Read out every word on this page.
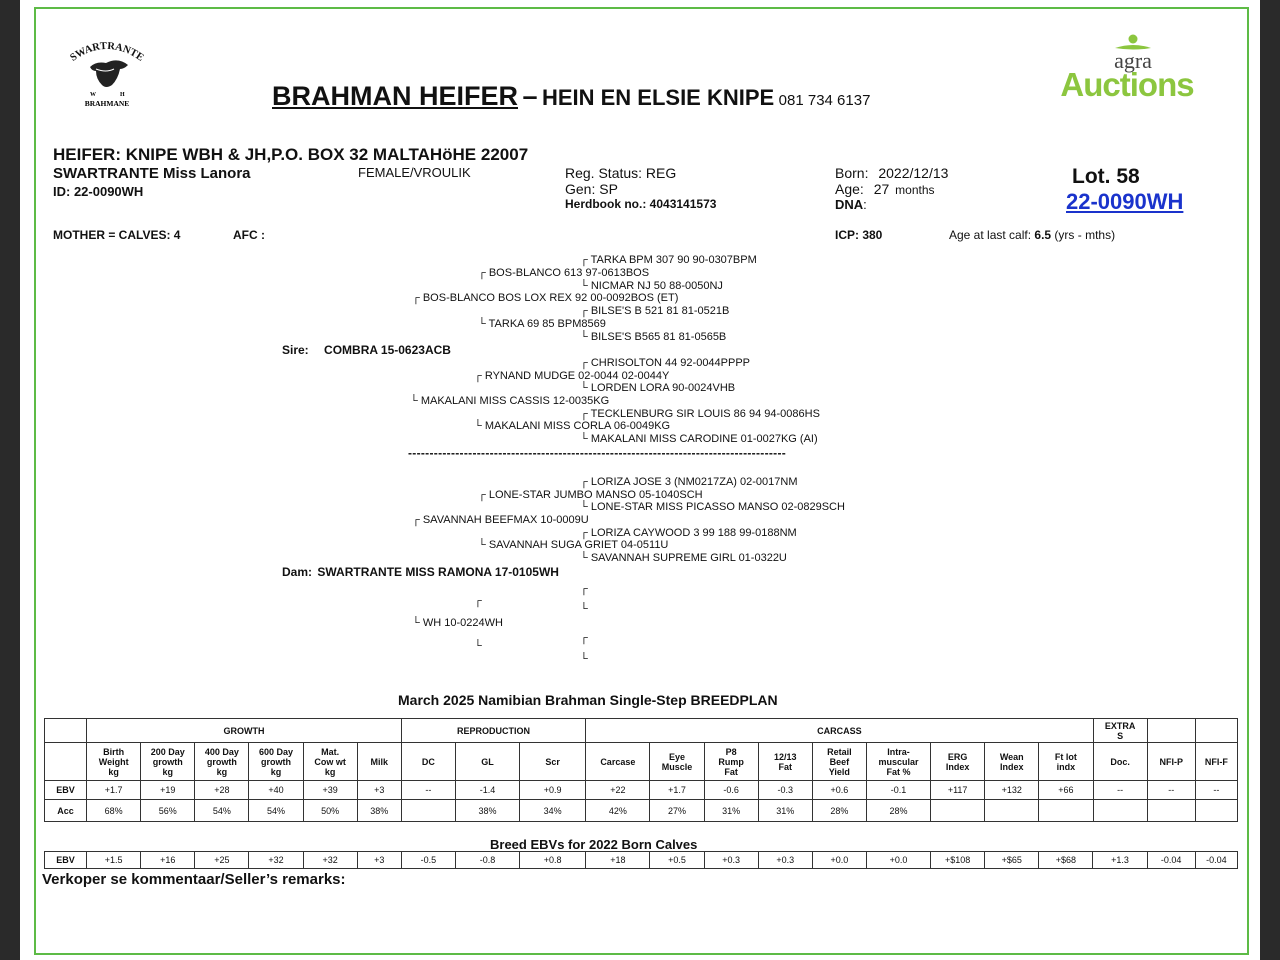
SWARTRANTE
W	H
BRAHMANE	BRAHMAN HEIFER – HEIN EN ELSIE KNIPE 081 734 6137
agra
Auctions
HEIFER: KNIPE WBH & JH,P.O. BOX 32 MALTAHöHE 22007
SWARTRANTE Miss Lanora
ID: 22-0090WH
FEMALE/VROULIK	Reg. Status: REG
Gen: SP
Herdbook no.: 4043141573
Born: 2022/12/13
Age: 27 months
DNA:
Lot. 58
22-0090WH
MOTHER = CALVES: 4	AFC :	ICP: 380	Age at last calf: 6.5 (yrs - mths)
┌ TARKA BPM 307 90 90-0307BPM
┌ BOS-BLANCO 613 97-0613BOS
└ NICMAR NJ 50 88-0050NJ
┌ BOS-BLANCO BOS LOX REX 92 00-0092BOS (ET)
┌ BILSE'S B 521 81 81-0521B
└ TARKA 69 85 BPM8569
└ BILSE'S B565 81 81-0565B
Sire: COMBRA 15-0623ACB
┌ CHRISOLTON 44 92-0044PPPP
┌ RYNAND MUDGE 02-0044 02-0044Y
└ LORDEN LORA 90-0024VHB
└ MAKALANI MISS CASSIS 12-0035KG
┌ TECKLENBURG SIR LOUIS 86 94 94-0086HS
└ MAKALANI MISS CORLA 06-0049KG
└ MAKALANI MISS CARODINE 01-0027KG (AI)
----------------------------------------------------------------------------------------
┌ LORIZA JOSE 3 (NM0217ZA) 02-0017NM
┌ LONE-STAR JUMBO MANSO 05-1040SCH
└ LONE-STAR MISS PICASSO MANSO 02-0829SCH
┌ SAVANNAH BEEFMAX 10-0009U
┌ LORIZA CAYWOOD 3 99 188 99-0188NM
└ SAVANNAH SUGA GRIET 04-0511U
└ SAVANNAH SUPREME GIRL 01-0322U
Dam: SWARTRANTE MISS RAMONA 17-0105WH
┌
┌
└
└ WH 10-0224WH
┌
└
└
March 2025 Namibian Brahman Single-Step BREEDPLAN
	GROWTH						REPRODUCTION			CARCASS									EXTRA
S		
	Birth
Weight
kg	200 Day
growth
kg	400 Day
growth
kg	600 Day
growth
kg	Mat.
Cow wt
kg	Milk	DC	GL	Scr	Carcase	Eye
Muscle	P8
Rump
Fat	12/13
Fat	Retail
Beef
Yield	Intra-
muscular
Fat %	ERG
Index	Wean
Index	Ft lot
indx	Doc.	NFI-P	NFI-F
EBV	+1.7	+19	+28	+40	+39	+3	--	-1.4	+0.9	+22	+1.7	-0.6	-0.3	+0.6	-0.1	+117	+132	+66	--	--	--
Acc	68%	56%	54%	54%	50%	38%		38%	34%	42%	27%	31%	31%	28%	28%						
Breed EBVs for 2022 Born Calves
EBV	+1.5	+16	+25	+32	+32	+3	-0.5	-0.8	+0.8	+18	+0.5	+0.3	+0.3	+0.0	+0.0	+$108	+$65	+$68	+1.3	-0.04	-0.04
Verkoper se kommentaar/Seller’s remarks:
